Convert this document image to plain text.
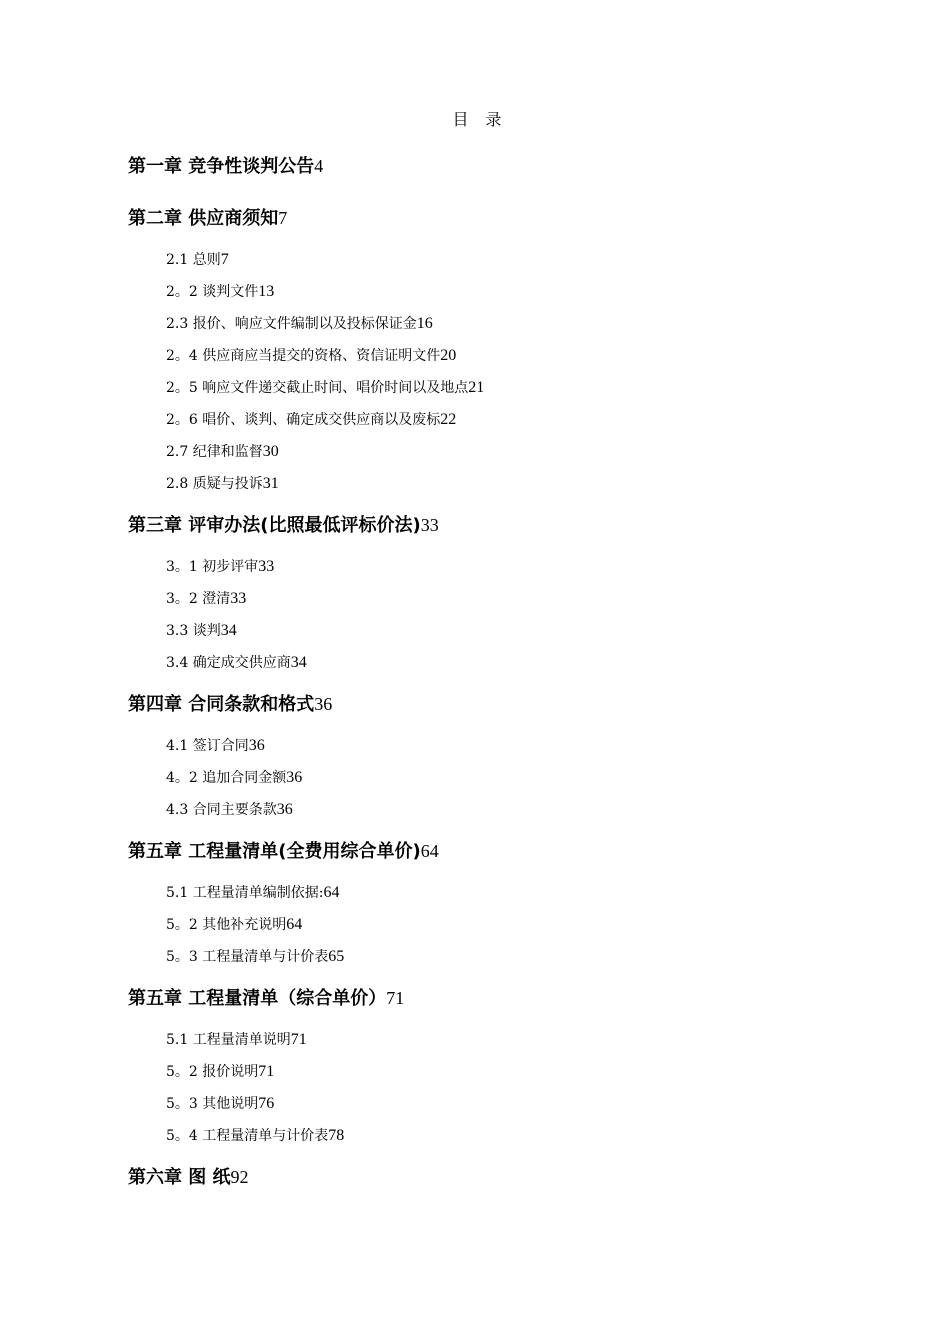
目 录
第一章 竞争性谈判公告4
第二章 供应商须知7
2.1 总则7
2。2 谈判文件13
2.3 报价、响应文件编制以及投标保证金16
2。4 供应商应当提交的资格、资信证明文件20
2。5 响应文件递交截止时间、唱价时间以及地点21
2。6 唱价、谈判、确定成交供应商以及废标22
2.7 纪律和监督30
2.8 质疑与投诉31
第三章 评审办法(比照最低评标价法)33
3。1 初步评审33
3。2 澄清33
3.3 谈判34
3.4 确定成交供应商34
第四章 合同条款和格式36
4.1 签订合同36
4。2 追加合同金额36
4.3 合同主要条款36
第五章 工程量清单(全费用综合单价)64
5.1 工程量清单编制依据:64
5。2 其他补充说明64
5。3 工程量清单与计价表65
第五章 工程量清单（综合单价）71
5.1 工程量清单说明71
5。2 报价说明71
5。3 其他说明76
5。4 工程量清单与计价表78
第六章 图 纸92
